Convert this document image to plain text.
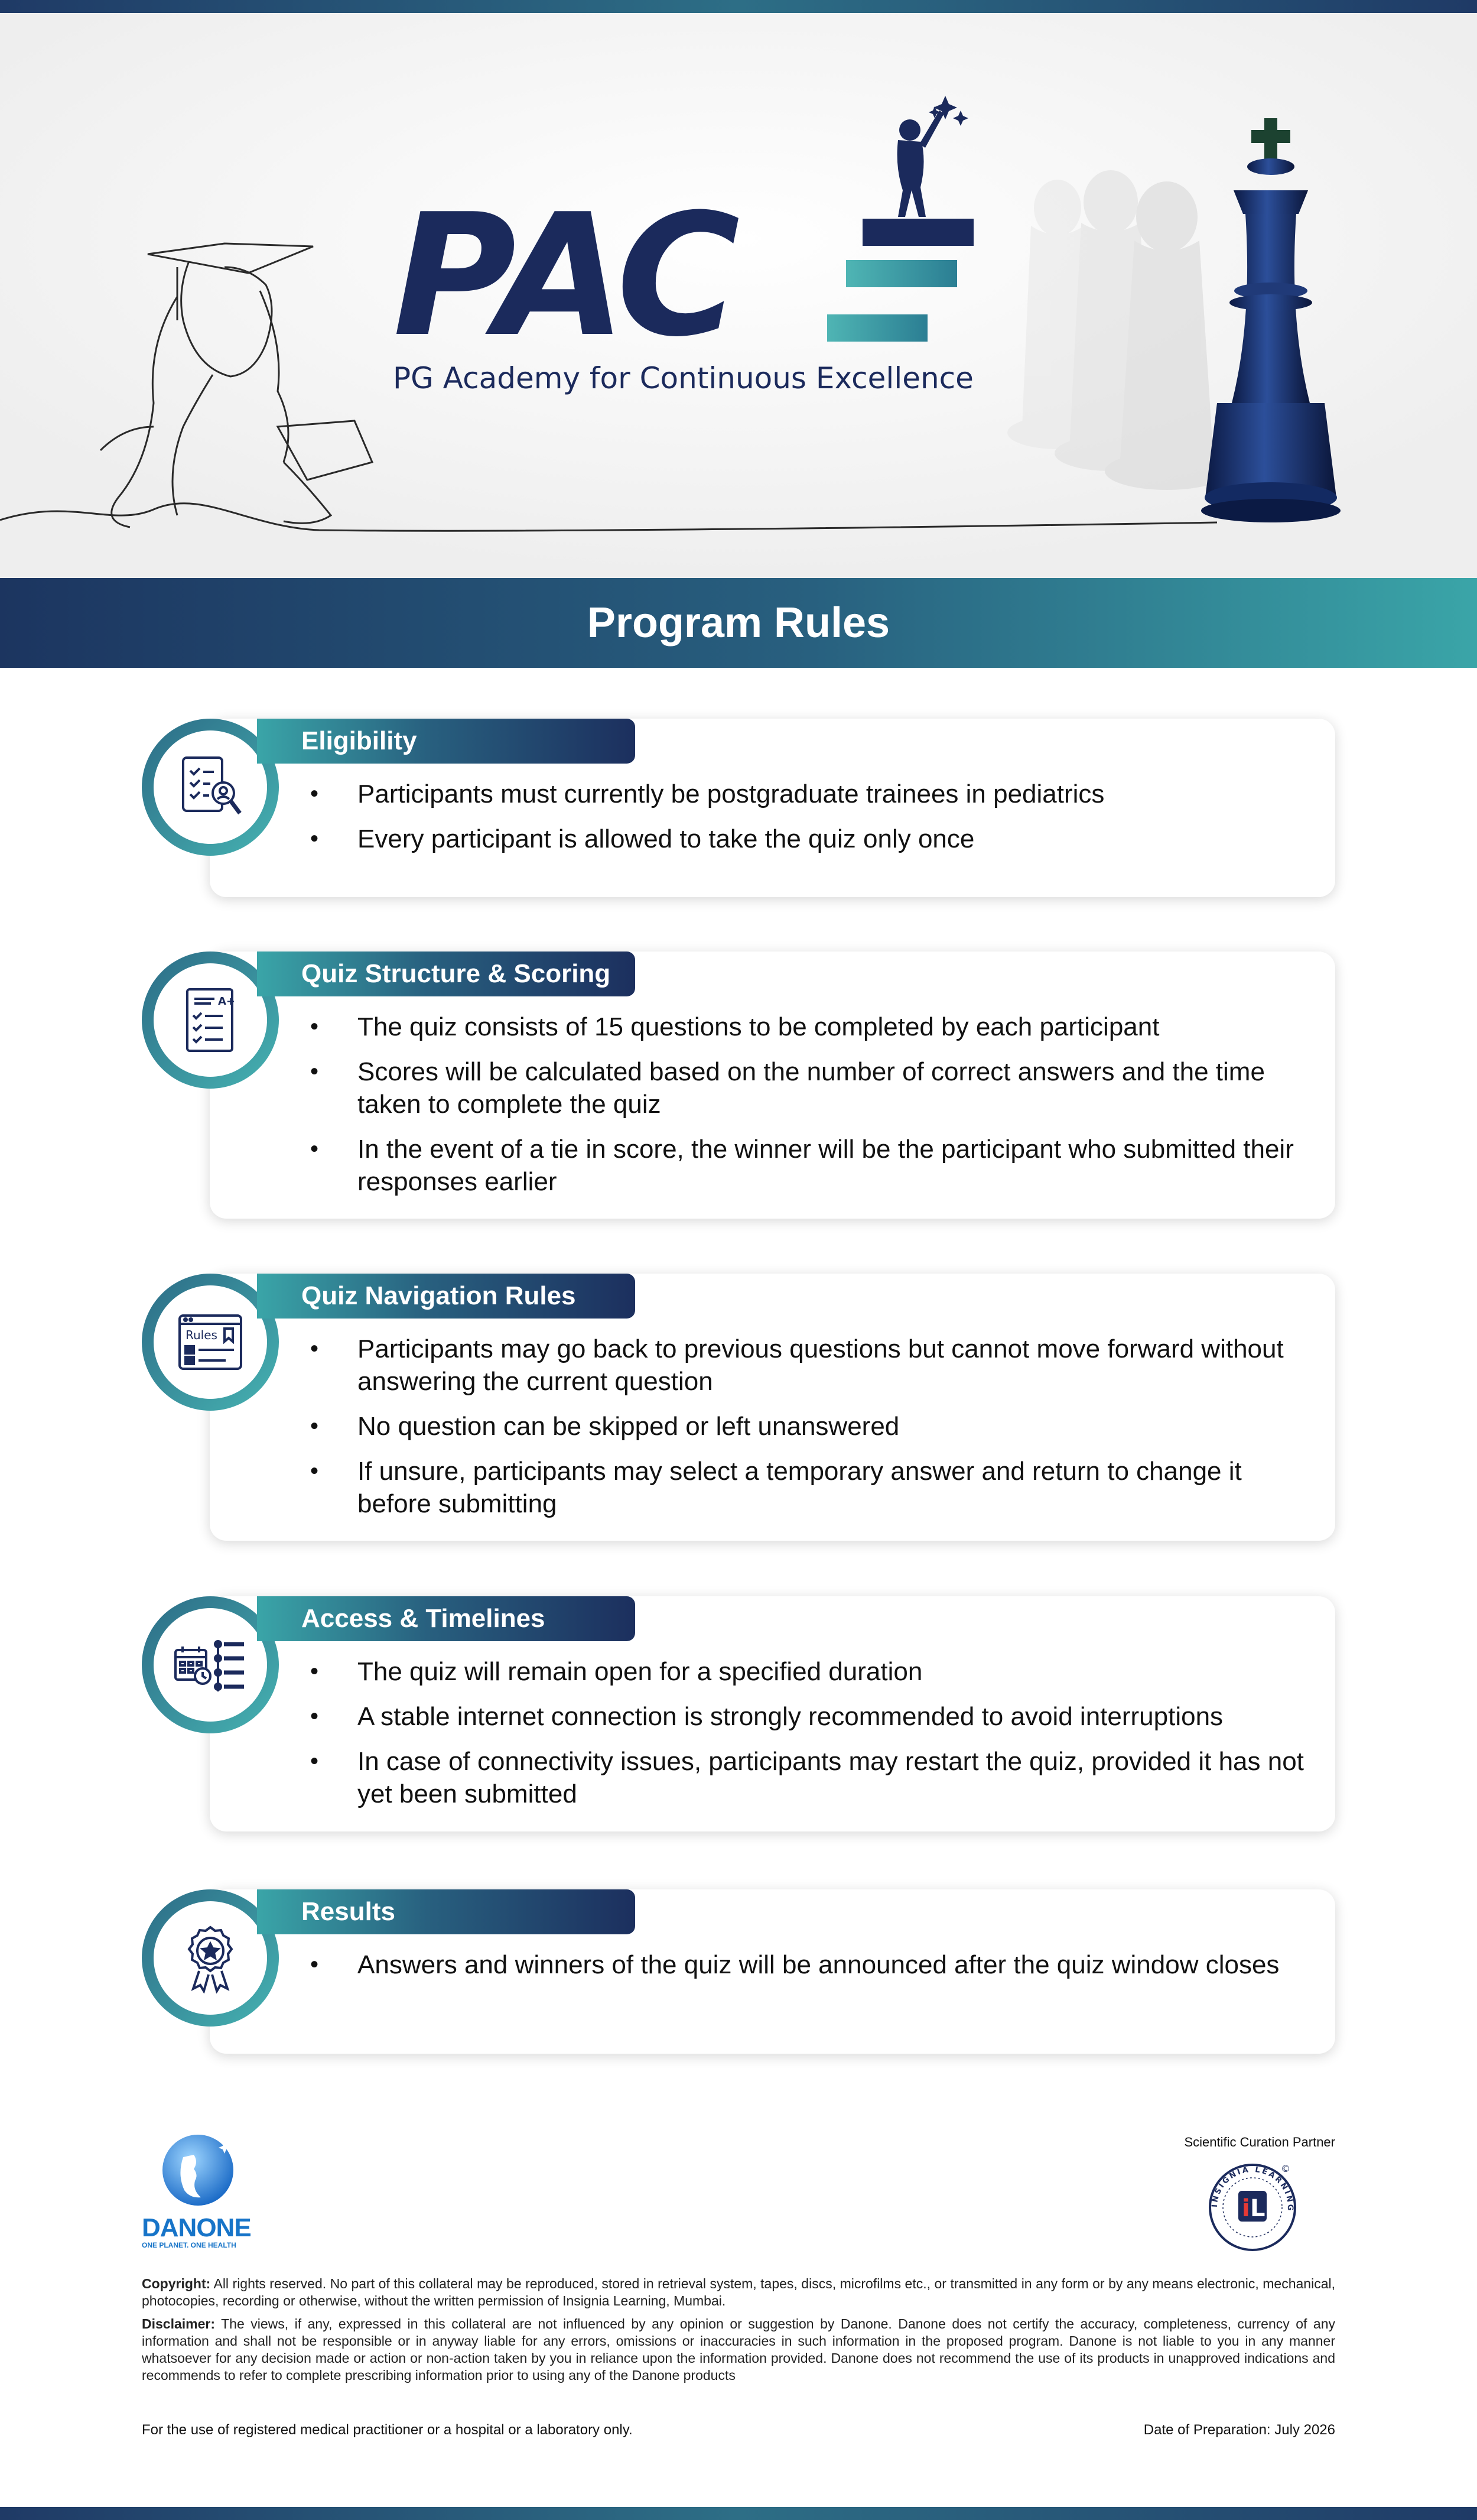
PAC
PG Academy for Continuous Excellence
Program Rules
Eligibility
• Participants must currently be postgraduate trainees in pediatrics
• Every participant is allowed to take the quiz only once
A+
Quiz Structure & Scoring
• The quiz consists of 15 questions to be completed by each participant
• Scores will be calculated based on the number of correct answers and the time taken to complete the quiz
• In the event of a tie in score, the winner will be the participant who submitted their responses earlier
Rules
Quiz Navigation Rules
• Participants may go back to previous questions but cannot move forward without answering the current question
• No question can be skipped or left unanswered
• If unsure, participants may select a temporary answer and return to change it before submitting
Access & Timelines
• The quiz will remain open for a specified duration
• A stable internet connection is strongly recommended to avoid interruptions
• In case of connectivity issues, participants may restart the quiz, provided it has not yet been submitted
Results
• Answers and winners of the quiz will be announced after the quiz window closes
DANONE
ONE PLANET. ONE HEALTH
Scientific Curation Partner
INSIGNIA LEARNING
i L
©
Copyright: All rights reserved. No part of this collateral may be reproduced, stored in retrieval system, tapes, discs, microfilms etc., or transmitted in any form or by any means electronic, mechanical, photocopies, recording or otherwise, without the written permission of Insignia Learning, Mumbai.
Disclaimer: The views, if any, expressed in this collateral are not influenced by any opinion or suggestion by Danone. Danone does not certify the accuracy, completeness, currency of any information and shall not be responsible or in anyway liable for any errors, omissions or inaccuracies in such information in the proposed program. Danone is not liable to you in any manner whatsoever for any decision made or action or non-action taken by you in reliance upon the information provided. Danone does not recommend the use of its products in unapproved indications and recommends to refer to complete prescribing information prior to using any of the Danone products
For the use of registered medical practitioner or a hospital or a laboratory only.	Date of Preparation: July 2026
